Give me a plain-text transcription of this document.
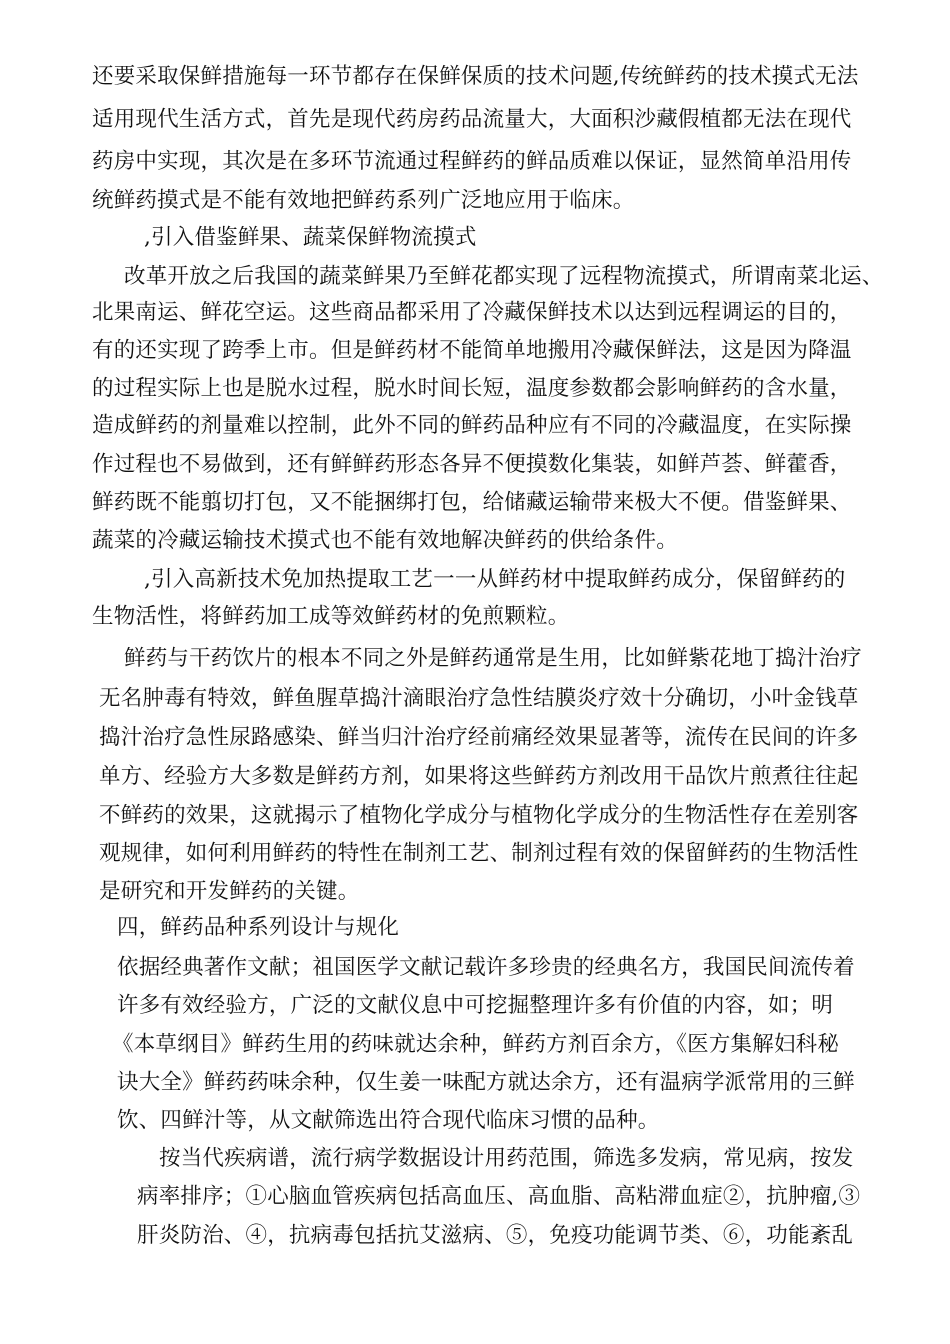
还要采取保鲜措施每一环节都存在保鲜保质的技术问题,传统鲜药的技术摸式无法
适用现代生活方式，首先是现代药房药品流量大，大面积沙藏假植都无法在现代
药房中实现，其次是在多环节流通过程鲜药的鲜品质难以保证，显然简单沿用传
统鲜药摸式是不能有效地把鲜药系列广泛地应用于临床。
,引入借鉴鲜果、蔬菜保鲜物流摸式
改革开放之后我国的蔬菜鲜果乃至鲜花都实现了远程物流摸式，所谓南菜北运、
北果南运、鲜花空运。这些商品都采用了冷藏保鲜技术以达到远程调运的目的，
有的还实现了跨季上市。但是鲜药材不能简单地搬用冷藏保鲜法，这是因为降温
的过程实际上也是脱水过程，脱水时间长短，温度参数都会影响鲜药的含水量，
造成鲜药的剂量难以控制，此外不同的鲜药品种应有不同的冷藏温度，在实际操
作过程也不易做到，还有鲜鲜药形态各异不便摸数化集装，如鲜芦荟、鲜藿香，
鲜药既不能翦切打包，又不能捆绑打包，给储藏运输带来极大不便。借鉴鲜果、
蔬菜的冷藏运输技术摸式也不能有效地解决鲜药的供给条件。
,引入高新技术免加热提取工艺一一从鲜药材中提取鲜药成分，保留鲜药的
生物活性，将鲜药加工成等效鲜药材的免煎颗粒。
鲜药与干药饮片的根本不同之外是鲜药通常是生用，比如鲜紫花地丁捣汁治疗
无名肿毒有特效，鲜鱼腥草捣汁滴眼治疗急性结膜炎疗效十分确切，小叶金钱草
捣汁治疗急性尿路感染、鲜当归汁治疗经前痛经效果显著等，流传在民间的许多
单方、经验方大多数是鲜药方剂，如果将这些鲜药方剂改用干品饮片煎煮往往起
不鲜药的效果，这就揭示了植物化学成分与植物化学成分的生物活性存在差别客
观规律，如何利用鲜药的特性在制剂工艺、制剂过程有效的保留鲜药的生物活性
是研究和开发鲜药的关键。
四，鲜药品种系列设计与规化
依据经典著作文献；祖国医学文献记载许多珍贵的经典名方，我国民间流传着
许多有效经验方，广泛的文献仪息中可挖掘整理许多有价值的内容，如；明
《本草纲目》鲜药生用的药味就达余种，鲜药方剂百余方，《医方集解妇科秘
诀大全》鲜药药味余种，仅生姜一味配方就达余方，还有温病学派常用的三鲜
饮、四鲜汁等，从文献筛选出符合现代临床习惯的品种。
按当代疾病谱，流行病学数据设计用药范围，筛选多发病，常见病，按发
病率排序；①心脑血管疾病包括高血压、高血脂、高粘滞血症②，抗肿瘤,③
肝炎防治、④，抗病毒包括抗艾滋病、⑤，免疫功能调节类、⑥，功能紊乱
